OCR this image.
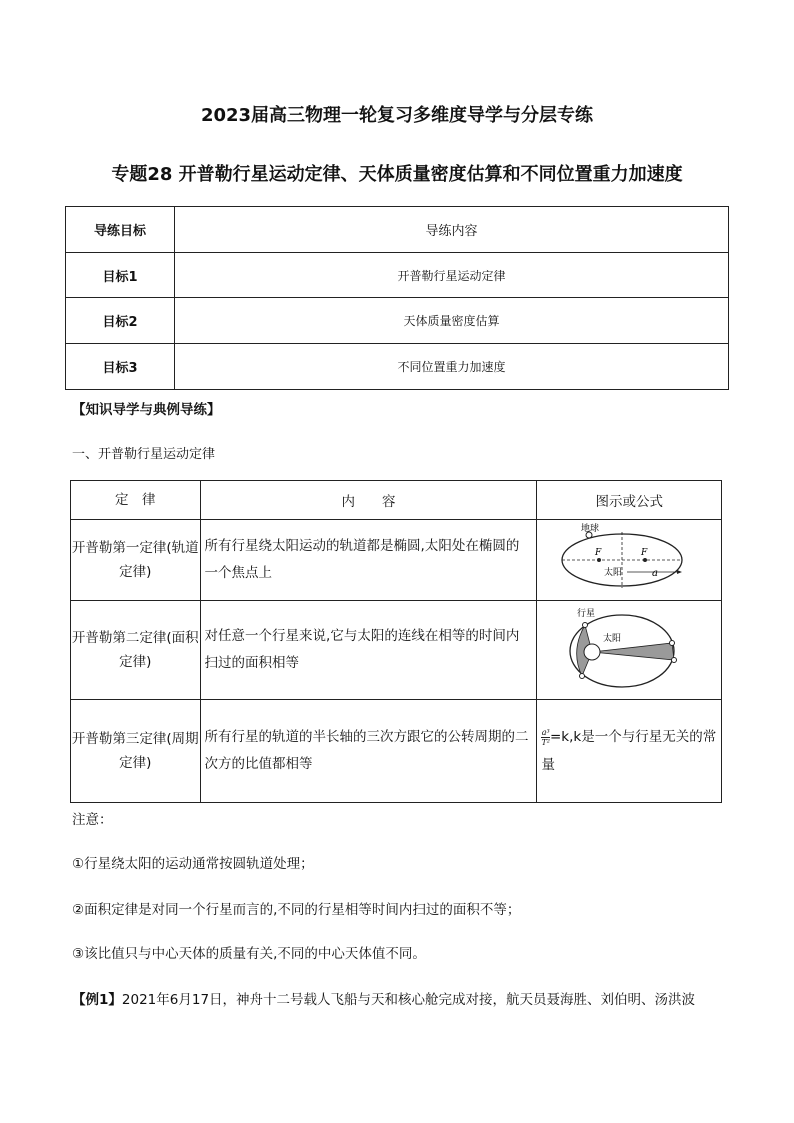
2023届高三物理一轮复习多维度导学与分层专练
专题28 开普勒行星运动定律、天体质量密度估算和不同位置重力加速度
导练目标	导练内容
目标1	开普勒行星运动定律
目标2	天体质量密度估算
目标3	不同位置重力加速度
【知识导学与典例导练】
一、开普勒行星运动定律
定　律	内　　容	图示或公式
开普勒第一定律(轨道定律)	所有行星绕太阳运动的轨道都是椭圆,太阳处在椭圆的一个焦点上	地球
F F
太阳 a

开普勒第二定律(面积定律)	对任意一个行星来说,它与太阳的连线在相等的时间内扫过的面积相等	行星
太阳

开普勒第三定律(周期定律)	所有行星的轨道的半长轴的三次方跟它的公转周期的二次方的比值都相等	$\frac{\text{a³}}{\text{T²}} =k,k$是一个与行星无关的常量
注意：
①行星绕太阳的运动通常按圆轨道处理；
②面积定律是对同一个行星而言的,不同的行星相等时间内扫过的面积不等；
③该比值只与中心天体的质量有关,不同的中心天体值不同。
【例1】2021年6月17日，神舟十二号载人飞船与天和核心舱完成对接，航天员聂海胜、刘伯明、汤洪波
